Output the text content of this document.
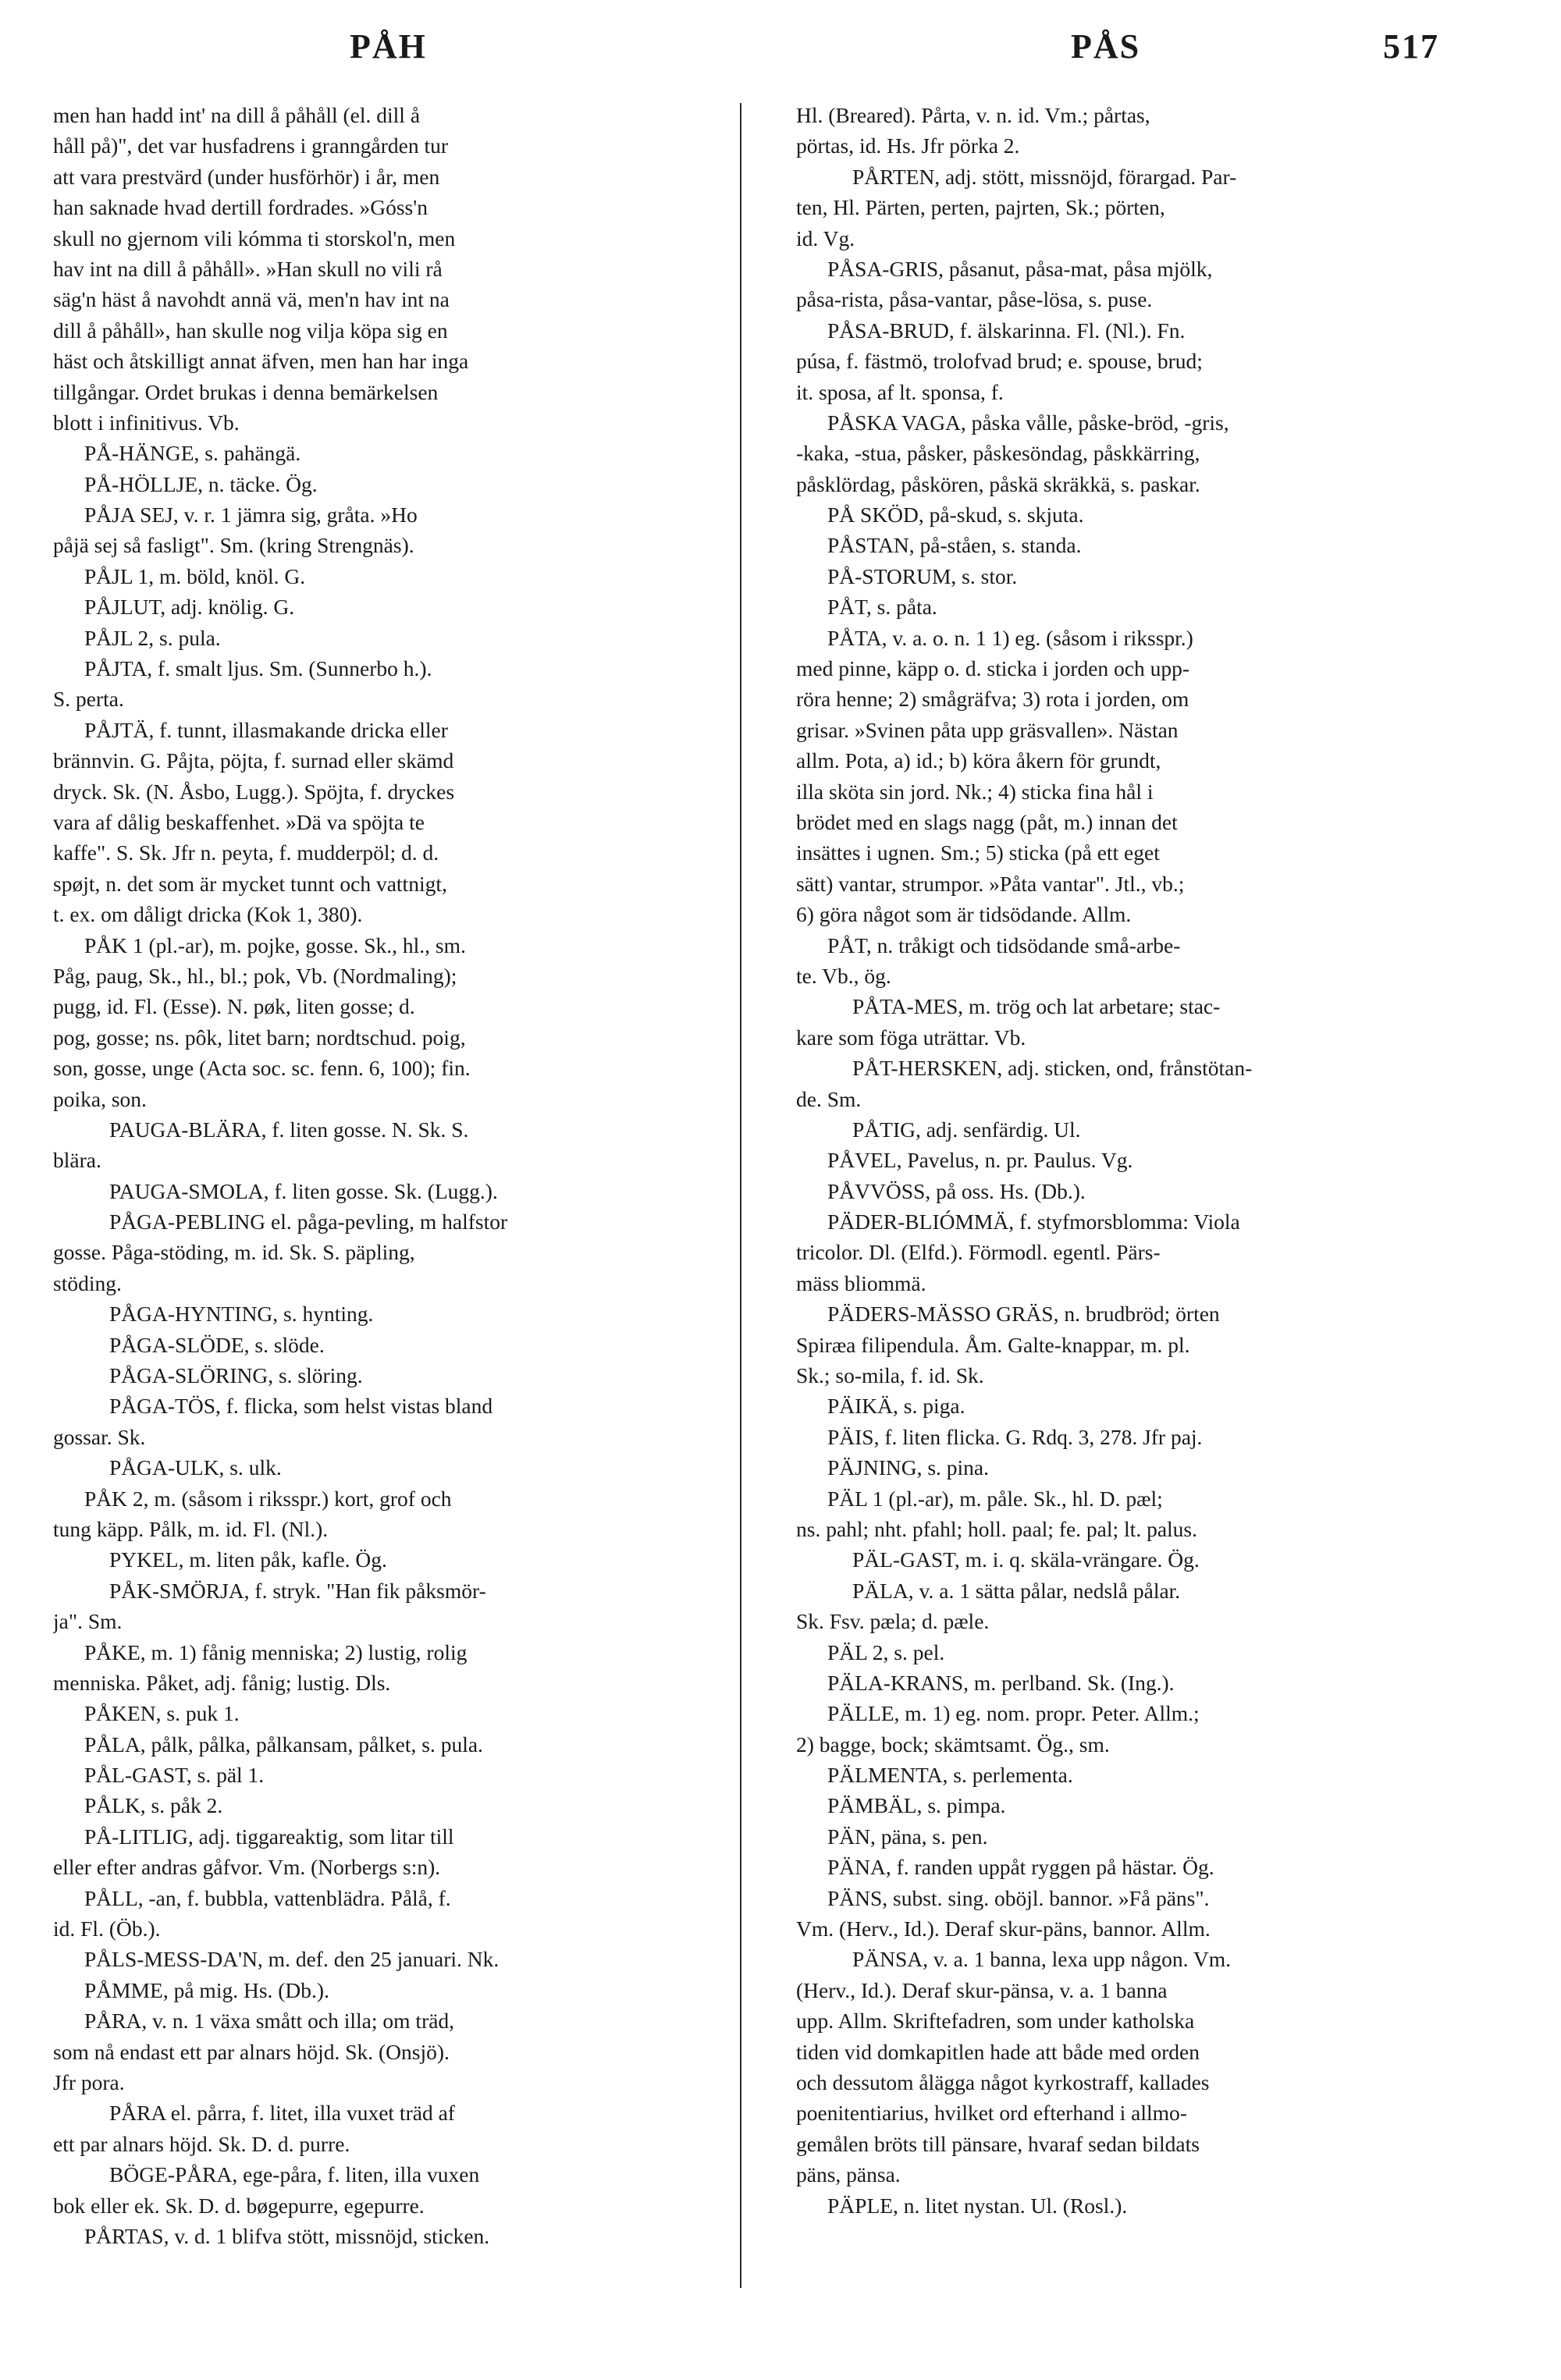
PÅH	PÅS	517
men han hadd int' na dill å påhåll (el. dill å
håll på)", det var husfadrens i granngården tur
att vara prestvärd (under husförhör) i år, men
han saknade hvad dertill fordrades. »Góss'n
skull no gjernom vili kómma ti storskol'n, men
hav int na dill å påhåll». »Han skull no vili rå
säg'n häst å navohdt annä vä, men'n hav int na
dill å påhåll», han skulle nog vilja köpa sig en
häst och åtskilligt annat äfven, men han har inga
tillgångar. Ordet brukas i denna bemärkelsen
blott i infinitivus. Vb.
PÅ-HÄNGE, s. pahängä.
PÅ-HÖLLJE, n. täcke. Ög.
PÅJA SEJ, v. r. 1 jämra sig, gråta. »Ho
påjä sej så fasligt". Sm. (kring Strengnäs).
PÅJL 1, m. böld, knöl. G.
PÅJLUT, adj. knölig. G.
PÅJL 2, s. pula.
PÅJTA, f. smalt ljus. Sm. (Sunnerbo h.).
S. perta.
PÅJTÄ, f. tunnt, illasmakande dricka eller
brännvin. G. Påjta, pöjta, f. surnad eller skämd
dryck. Sk. (N. Åsbo, Lugg.). Spöjta, f. dryckes
vara af dålig beskaffenhet. »Dä va spöjta te
kaffe". S. Sk. Jfr n. peyta, f. mudderpöl; d. d.
spøjt, n. det som är mycket tunnt och vattnigt,
t. ex. om dåligt dricka (Kok 1, 380).
PÅK 1 (pl.-ar), m. pojke, gosse. Sk., hl., sm.
Påg, paug, Sk., hl., bl.; pok, Vb. (Nordmaling);
pugg, id. Fl. (Esse). N. pøk, liten gosse; d.
pog, gosse; ns. pôk, litet barn; nordtschud. poig,
son, gosse, unge (Acta soc. sc. fenn. 6, 100); fin.
poika, son.
PAUGA-BLÄRA, f. liten gosse. N. Sk. S.
blära.
PAUGA-SMOLA, f. liten gosse. Sk. (Lugg.).
PÅGA-PEBLING el. påga-pevling, m halfstor
gosse. Påga-stöding, m. id. Sk. S. päpling,
stöding.
PÅGA-HYNTING, s. hynting.
PÅGA-SLÖDE, s. slöde.
PÅGA-SLÖRING, s. slöring.
PÅGA-TÖS, f. flicka, som helst vistas bland
gossar. Sk.
PÅGA-ULK, s. ulk.
PÅK 2, m. (såsom i riksspr.) kort, grof och
tung käpp. Pålk, m. id. Fl. (Nl.).
PYKEL, m. liten påk, kafle. Ög.
PÅK-SMÖRJA, f. stryk. "Han fik påksmör-
ja". Sm.
PÅKE, m. 1) fånig menniska; 2) lustig, rolig
menniska. Påket, adj. fånig; lustig. Dls.
PÅKEN, s. puk 1.
PÅLA, pålk, pålka, pålkansam, pålket, s. pula.
PÅL-GAST, s. päl 1.
PÅLK, s. påk 2.
PÅ-LITLIG, adj. tiggareaktig, som litar till
eller efter andras gåfvor. Vm. (Norbergs s:n).
PÅLL, -an, f. bubbla, vattenblädra. Pålå, f.
id. Fl. (Öb.).
PÅLS-MESS-DA'N, m. def. den 25 januari. Nk.
PÅMME, på mig. Hs. (Db.).
PÅRA, v. n. 1 växa smått och illa; om träd,
som nå endast ett par alnars höjd. Sk. (Onsjö).
Jfr pora.
PÅRA el. pårra, f. litet, illa vuxet träd af
ett par alnars höjd. Sk. D. d. purre.
BÖGE-PÅRA, ege-påra, f. liten, illa vuxen
bok eller ek. Sk. D. d. bøgepurre, egepurre.
PÅRTAS, v. d. 1 blifva stött, missnöjd, sticken.
Hl. (Breared). Pårta, v. n. id. Vm.; pårtas,
pörtas, id. Hs. Jfr pörka 2.
PÅRTEN, adj. stött, missnöjd, förargad. Par-
ten, Hl. Pärten, perten, pajrten, Sk.; pörten,
id. Vg.
PÅSA-GRIS, påsanut, påsa-mat, påsa mjölk,
påsa-rista, påsa-vantar, påse-lösa, s. puse.
PÅSA-BRUD, f. älskarinna. Fl. (Nl.). Fn.
púsa, f. fästmö, trolofvad brud; e. spouse, brud;
it. sposa, af lt. sponsa, f.
PÅSKA VAGA, påska vålle, påske-bröd, -gris,
-kaka, -stua, påsker, påskesöndag, påskkärring,
påsklördag, påskören, påskä skräkkä, s. paskar.
PÅ SKÖD, på-skud, s. skjuta.
PÅSTAN, på-ståen, s. standa.
PÅ-STORUM, s. stor.
PÅT, s. påta.
PÅTA, v. a. o. n. 1 1) eg. (såsom i riksspr.)
med pinne, käpp o. d. sticka i jorden och upp-
röra henne; 2) smågräfva; 3) rota i jorden, om
grisar. »Svinen påta upp gräsvallen». Nästan
allm. Pota, a) id.; b) köra åkern för grundt,
illa sköta sin jord. Nk.; 4) sticka fina hål i
brödet med en slags nagg (påt, m.) innan det
insättes i ugnen. Sm.; 5) sticka (på ett eget
sätt) vantar, strumpor. »Påta vantar". Jtl., vb.;
6) göra något som är tidsödande. Allm.
PÅT, n. tråkigt och tidsödande små-arbe-
te. Vb., ög.
PÅTA-MES, m. trög och lat arbetare; stac-
kare som föga uträttar. Vb.
PÅT-HERSKEN, adj. sticken, ond, frånstötan-
de. Sm.
PÅTIG, adj. senfärdig. Ul.
PÅVEL, Pavelus, n. pr. Paulus. Vg.
PÅVVÖSS, på oss. Hs. (Db.).
PÄDER-BLIÓMMÄ, f. styfmorsblomma: Viola
tricolor. Dl. (Elfd.). Förmodl. egentl. Pärs-
mäss bliommä.
PÄDERS-MÄSSO GRÄS, n. brudbröd; örten
Spiræa filipendula. Åm. Galte-knappar, m. pl.
Sk.; so-mila, f. id. Sk.
PÄIKÄ, s. piga.
PÄIS, f. liten flicka. G. Rdq. 3, 278. Jfr paj.
PÄJNING, s. pina.
PÄL 1 (pl.-ar), m. påle. Sk., hl. D. pæl;
ns. pahl; nht. pfahl; holl. paal; fe. pal; lt. palus.
PÄL-GAST, m. i. q. skäla-vrängare. Ög.
PÄLA, v. a. 1 sätta pålar, nedslå pålar.
Sk. Fsv. pæla; d. pæle.
PÄL 2, s. pel.
PÄLA-KRANS, m. perlband. Sk. (Ing.).
PÄLLE, m. 1) eg. nom. propr. Peter. Allm.;
2) bagge, bock; skämtsamt. Ög., sm.
PÄLMENTA, s. perlementa.
PÄMBÄL, s. pimpa.
PÄN, päna, s. pen.
PÄNA, f. randen uppåt ryggen på hästar. Ög.
PÄNS, subst. sing. oböjl. bannor. »Få päns".
Vm. (Herv., Id.). Deraf skur-päns, bannor. Allm.
PÄNSA, v. a. 1 banna, lexa upp någon. Vm.
(Herv., Id.). Deraf skur-pänsa, v. a. 1 banna
upp. Allm. Skriftefadren, som under katholska
tiden vid domkapitlen hade att både med orden
och dessutom ålägga något kyrkostraff, kallades
poenitentiarius, hvilket ord efterhand i allmo-
gemålen bröts till pänsare, hvaraf sedan bildats
päns, pänsa.
PÄPLE, n. litet nystan. Ul. (Rosl.).
